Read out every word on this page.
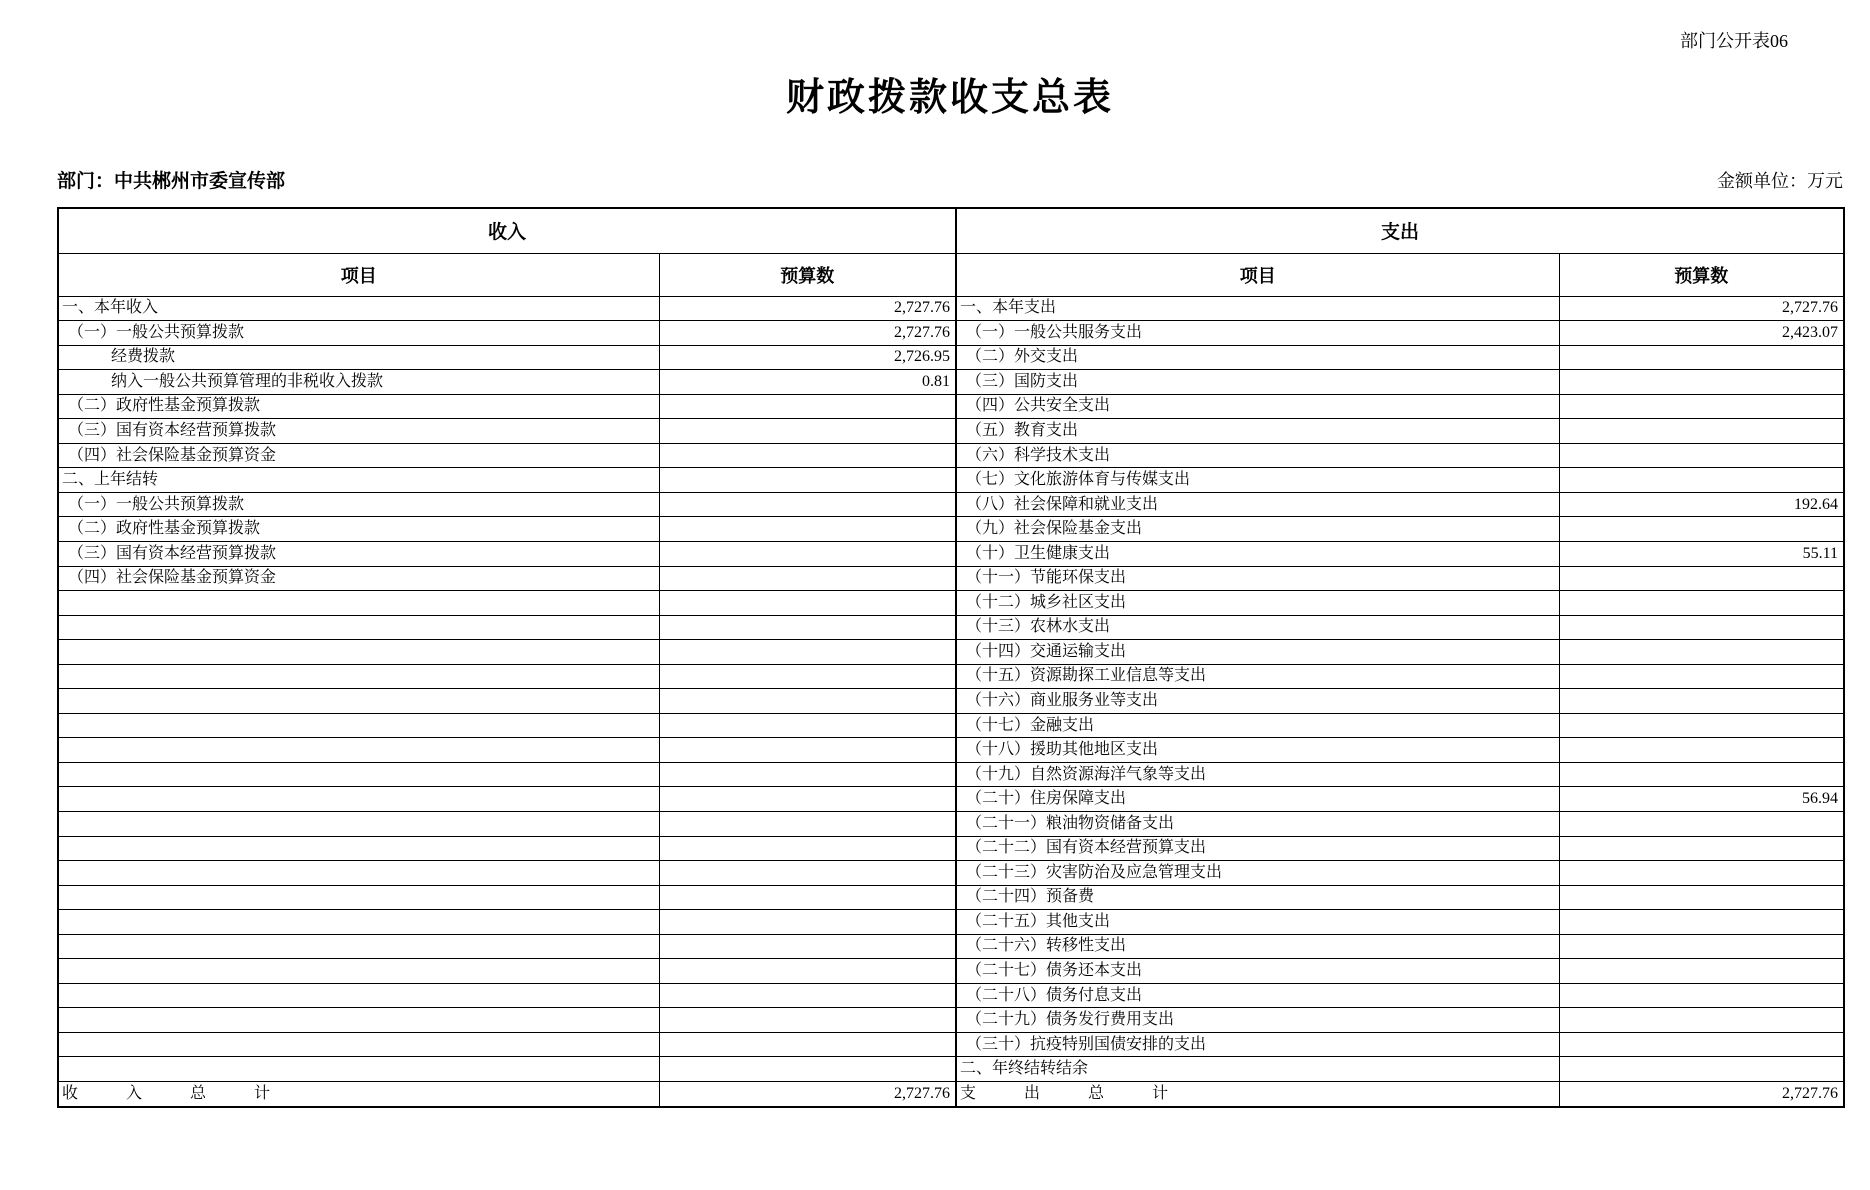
部门公开表06
财政拨款收支总表
部门：中共郴州市委宣传部	金额单位：万元
收入		支出	
项目	预算数	项目	预算数
一、本年收入	2,727.76	一、本年支出	2,727.76
（一）一般公共预算拨款	2,727.76	（一）一般公共服务支出	2,423.07
经费拨款	2,726.95	（二）外交支出	
纳入一般公共预算管理的非税收入拨款	0.81	（三）国防支出	
（二）政府性基金预算拨款		（四）公共安全支出	
（三）国有资本经营预算拨款		（五）教育支出	
（四）社会保险基金预算资金		（六）科学技术支出	
二、上年结转		（七）文化旅游体育与传媒支出	
（一）一般公共预算拨款		（八）社会保障和就业支出	192.64
（二）政府性基金预算拨款		（九）社会保险基金支出	
（三）国有资本经营预算拨款		（十）卫生健康支出	55.11
（四）社会保险基金预算资金		（十一）节能环保支出	
		（十二）城乡社区支出	
		（十三）农林水支出	
		（十四）交通运输支出	
		（十五）资源勘探工业信息等支出	
		（十六）商业服务业等支出	
		（十七）金融支出	
		（十八）援助其他地区支出	
		（十九）自然资源海洋气象等支出	
		（二十）住房保障支出	56.94
		（二十一）粮油物资储备支出	
		（二十二）国有资本经营预算支出	
		（二十三）灾害防治及应急管理支出	
		（二十四）预备费	
		（二十五）其他支出	
		（二十六）转移性支出	
		（二十七）债务还本支出	
		（二十八）债务付息支出	
		（二十九）债务发行费用支出	
		（三十）抗疫特别国债安排的支出	
		二、年终结转结余	
收　　　入　　　总　　　计	2,727.76	支　　　出　　　总　　　计	2,727.76
